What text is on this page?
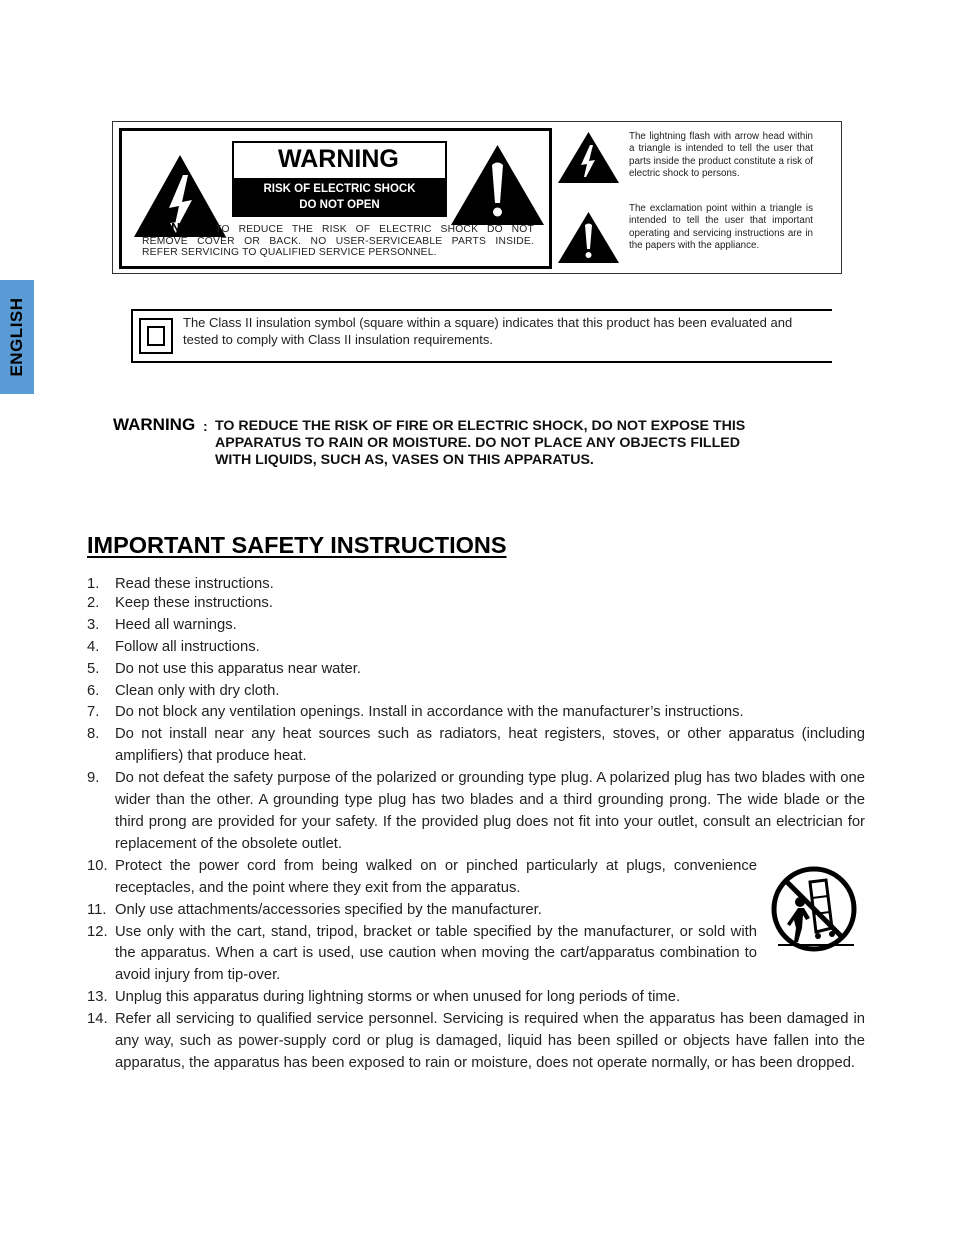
ENGLISH
WARNING
RISK OF ELECTRIC SHOCK
DO NOT OPEN
WARNING: TO REDUCE THE RISK OF ELECTRIC SHOCK DO NOT
REMOVE COVER OR BACK. NO USER-SERVICEABLE PARTS INSIDE.
REFER SERVICING TO QUALIFIED SERVICE PERSONNEL.
The lightning flash with arrow head within a triangle is intended to tell the user that parts inside the product constitute a risk of electric shock to persons.
The exclamation point within a triangle is intended to tell the user that important operating and servicing instructions are in the papers with the appliance.
The Class II insulation symbol (square within a square) indicates that this product has been evaluated and tested to comply with Class II insulation requirements.
WARNING : TO REDUCE THE RISK OF FIRE OR ELECTRIC SHOCK, DO NOT EXPOSE THIS
APPARATUS TO RAIN OR MOISTURE. DO NOT PLACE ANY OBJECTS FILLED
WITH LIQUIDS, SUCH AS, VASES ON THIS APPARATUS.
IMPORTANT SAFETY INSTRUCTIONS
1. Read these instructions.
2. Keep these instructions.
3. Heed all warnings.
4. Follow all instructions.
5. Do not use this apparatus near water.
6. Clean only with dry cloth.
7. Do not block any ventilation openings. Install in accordance with the manufacturer’s instructions.
8. Do not install near any heat sources such as radiators, heat registers, stoves, or other apparatus (including amplifiers) that produce heat.
9. Do not defeat the safety purpose of the polarized or grounding type plug. A polarized plug has two blades with one wider than the other. A grounding type plug has two blades and a third grounding prong. The wide blade or the third prong are provided for your safety. If the provided plug does not fit into your outlet, consult an electrician for replacement of the obsolete outlet.
10. Protect the power cord from being walked on or pinched particularly at plugs, convenience receptacles, and the point where they exit from the apparatus.
11. Only use attachments/accessories specified by the manufacturer.
12. Use only with the cart, stand, tripod, bracket or table specified by the manufacturer, or sold with the apparatus. When a cart is used, use caution when moving the cart/apparatus combination to avoid injury from tip-over.
13. Unplug this apparatus during lightning storms or when unused for long periods of time.
14. Refer all servicing to qualified service personnel. Servicing is required when the apparatus has been damaged in any way, such as power-supply cord or plug is damaged, liquid has been spilled or objects have fallen into the apparatus, the apparatus has been exposed to rain or moisture, does not operate normally, or has been dropped.
